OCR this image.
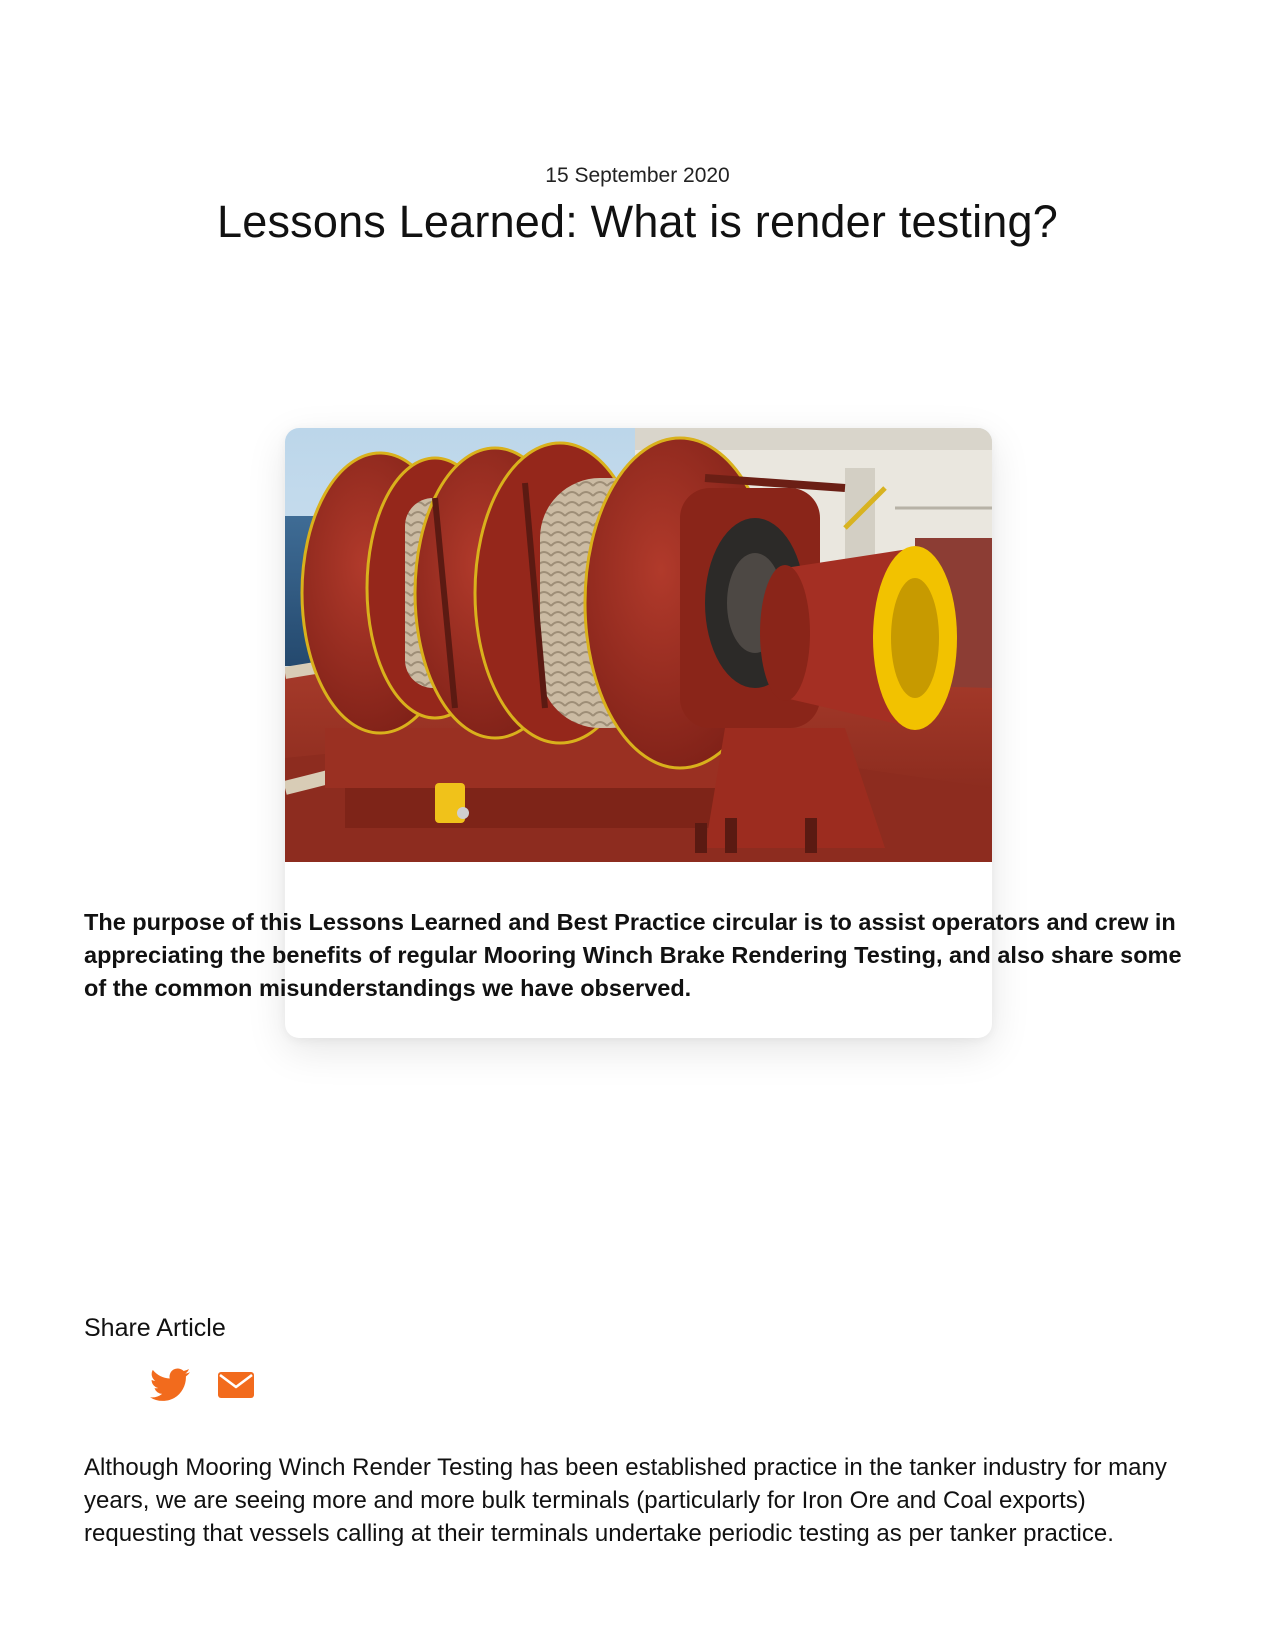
15 September 2020
Lessons Learned: What is render testing?

The purpose of this Lessons Learned and Best Practice circular is to assist operators and crew in appreciating the benefits of regular Mooring Winch Brake Rendering Testing, and also share some of the common misunderstandings we have observed.

Share Article

Although Mooring Winch Render Testing has been established practice in the tanker industry for many years, we are seeing more and more bulk terminals (particularly for Iron Ore and Coal exports) requesting that vessels calling at their terminals undertake periodic testing as per tanker practice.
